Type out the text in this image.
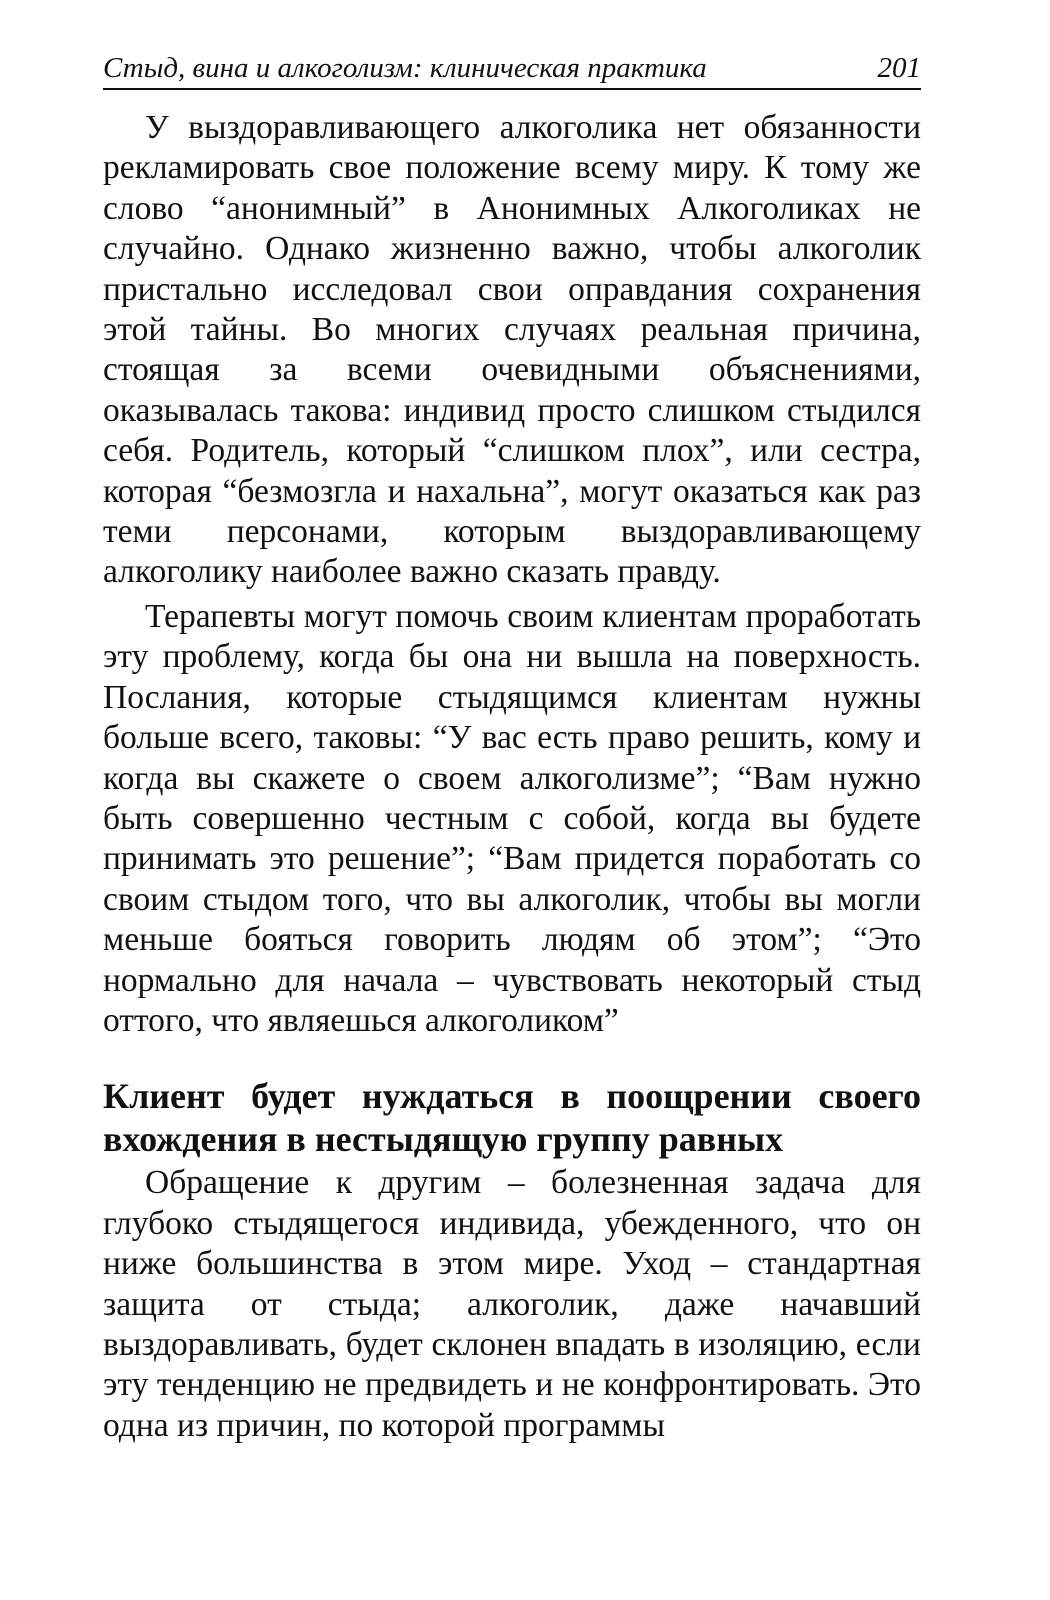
Стыд, вина и алкоголизм: клиническая практика	201

У выздоравливающего алкоголика нет обязанности рекламировать свое положение всему миру. К тому же слово “анонимный” в Анонимных Алкоголиках не случайно. Однако жизненно важно, чтобы алкоголик пристально исследовал свои оправдания сохранения этой тайны. Во многих случаях реальная причина, стоящая за всеми очевидными объяснениями, оказывалась такова: индивид просто слишком стыдился себя. Родитель, который “слишком плох”, или сестра, которая “безмозгла и нахальна”, могут оказаться как раз теми персонами, которым выздоравливающему алкоголику наиболее важно сказать правду.

Терапевты могут помочь своим клиентам проработать эту проблему, когда бы она ни вышла на поверхность. Послания, которые стыдящимся клиентам нужны больше всего, таковы: “У вас есть право решить, кому и когда вы скажете о своем алкоголизме”; “Вам нужно быть совершенно честным с собой, когда вы будете принимать это решение”; “Вам придется поработать со своим стыдом того, что вы алкоголик, чтобы вы могли меньше бояться говорить людям об этом”; “Это нормально для начала – чувствовать некоторый стыд оттого, что являешься алкоголиком”

Клиент будет нуждаться в поощрении своего вхождения в нестыдящую группу равных

Обращение к другим – болезненная задача для глубоко стыдящегося индивида, убежденного, что он ниже большинства в этом мире. Уход – стандартная защита от стыда; алкоголик, даже начавший выздоравливать, будет склонен впадать в изоляцию, если эту тенденцию не предвидеть и не конфронтировать. Это одна из причин, по которой программы
